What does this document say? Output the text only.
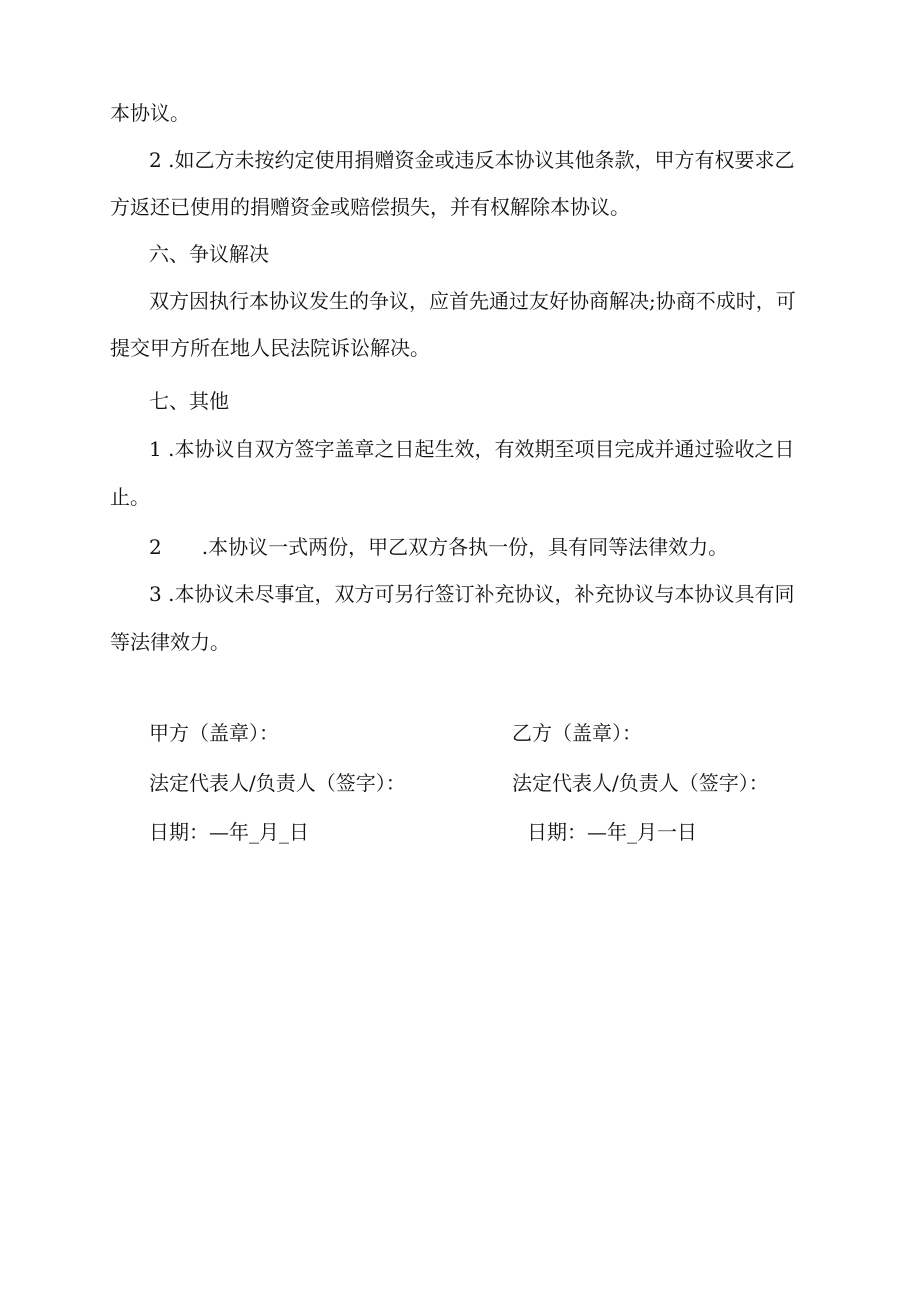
本协议。
2 .如乙方未按约定使用捐赠资金或违反本协议其他条款，甲方有权要求乙
方返还已使用的捐赠资金或赔偿损失，并有权解除本协议。
六、争议解决
双方因执行本协议发生的争议，应首先通过友好协商解决;协商不成时，可
提交甲方所在地人民法院诉讼解决。
七、其他
1 .本协议自双方签字盖章之日起生效，有效期至项目完成并通过验收之日
止。
2　　.本协议一式两份，甲乙双方各执一份，具有同等法律效力。
3 .本协议未尽事宜，双方可另行签订补充协议，补充协议与本协议具有同
等法律效力。
甲方（盖章）：
法定代表人/负责人（签字）：
日期：—年_月_日
乙方（盖章）：
法定代表人/负责人（签字）：
日期：—年_月一日
